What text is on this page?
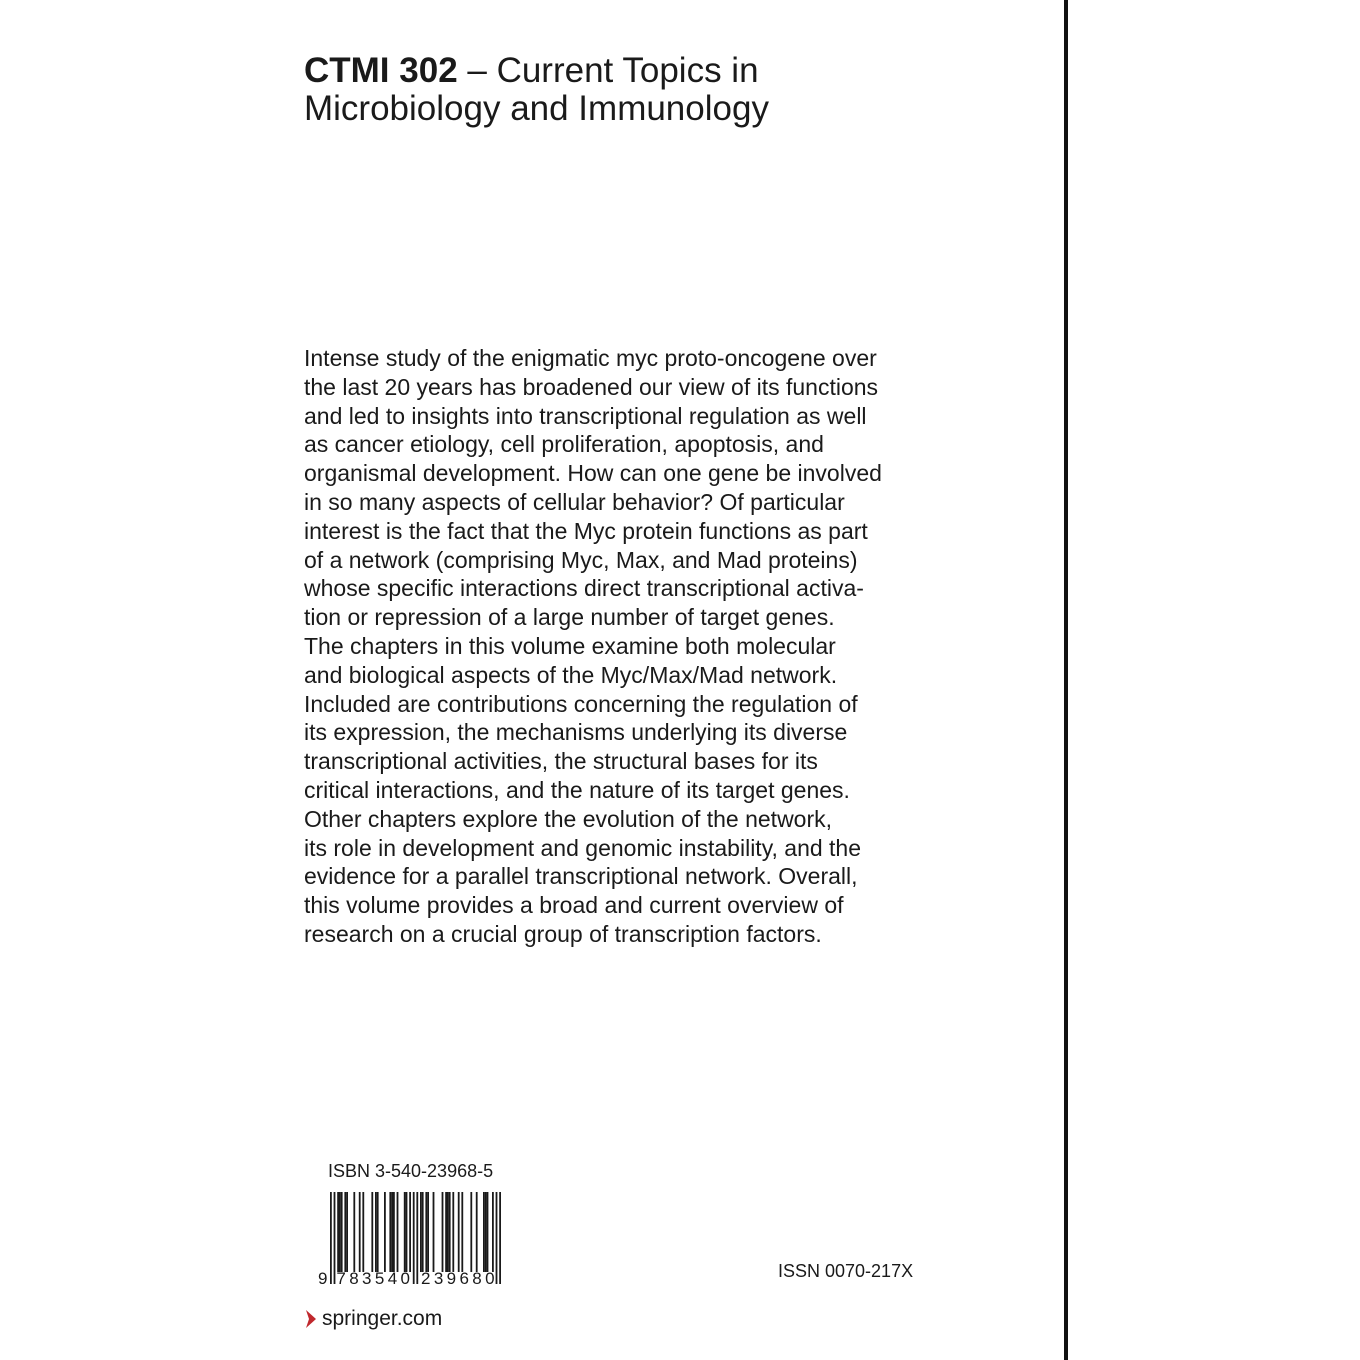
CTMI 302 – Current Topics in
Microbiology and Immunology
Intense study of the enigmatic myc proto-oncogene over
the last 20 years has broadened our view of its functions
and led to insights into transcriptional regulation as well
as cancer etiology, cell proliferation, apoptosis, and
organismal development. How can one gene be involved
in so many aspects of cellular behavior? Of particular
interest is the fact that the Myc protein functions as part
of a network (comprising Myc, Max, and Mad proteins)
whose specific interactions direct transcriptional activa-
tion or repression of a large number of target genes.
The chapters in this volume examine both molecular
and biological aspects of the Myc/Max/Mad network.
Included are contributions concerning the regulation of
its expression, the mechanisms underlying its diverse
transcriptional activities, the structural bases for its
critical interactions, and the nature of its target genes.
Other chapters explore the evolution of the network,
its role in development and genomic instability, and the
evidence for a parallel transcriptional network. Overall,
this volume provides a broad and current overview of
research on a crucial group of transcription factors.
ISBN 3-540-23968-5
9 783540 239680	ISSN 0070-217X
springer.com
